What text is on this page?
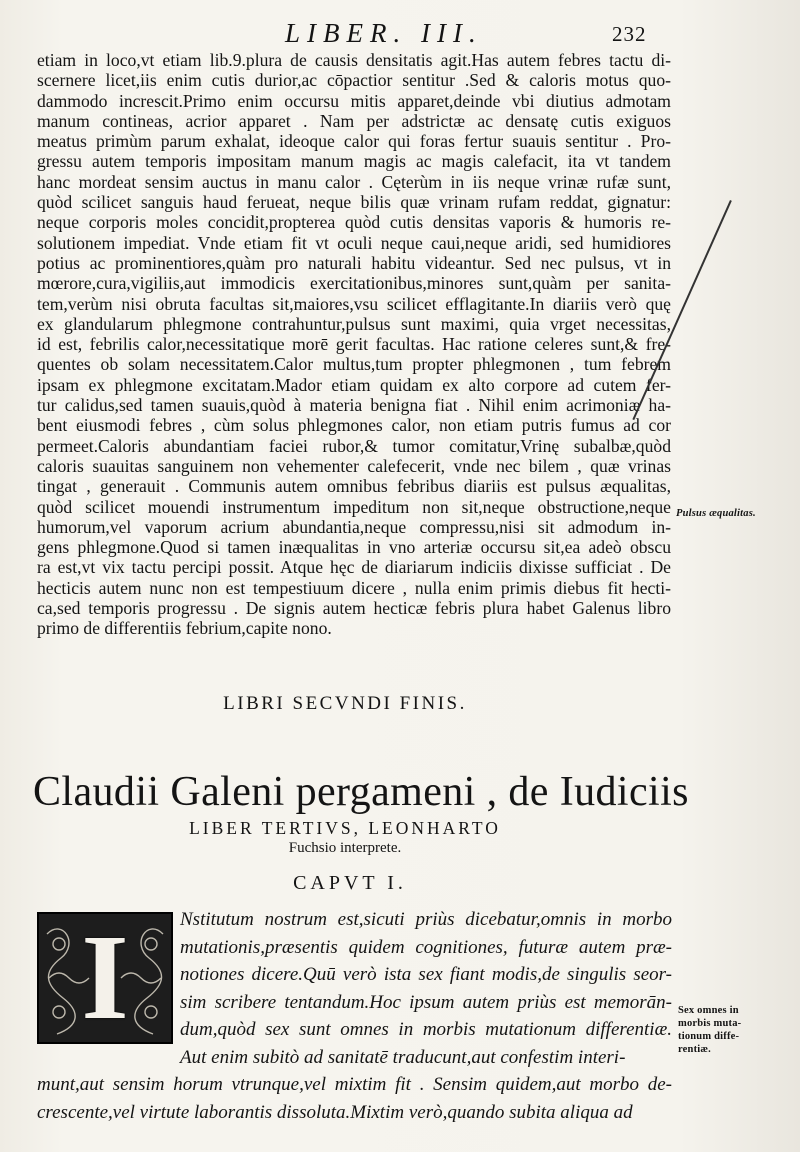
LIBER. III.	232
etiam in loco,vt etiam lib.9.plura de causis densitatis agit.Has autem febres tactu di-
scernere licet,iis enim cutis durior,ac cōpactior sentitur .Sed & caloris motus quo-
dammodo increscit.Primo enim occursu mitis apparet,deinde vbi diutius admotam
manum contineas, acrior apparet . Nam per adstrictæ ac densatę cutis exiguos
meatus primùm parum exhalat, ideoque calor qui foras fertur suauis sentitur . Pro-
gressu autem temporis impositam manum magis ac magis calefacit, ita vt tandem
hanc mordeat sensim auctus in manu calor . Cęterùm in iis neque vrinæ rufæ sunt,
quòd scilicet sanguis haud ferueat, neque bilis quæ vrinam rufam reddat, gignatur:
neque corporis moles concidit,propterea quòd cutis densitas vaporis & humoris re-
solutionem impediat. Vnde etiam fit vt oculi neque caui,neque aridi, sed humidiores
potius ac prominentiores,quàm pro naturali habitu videantur. Sed nec pulsus, vt in
mœrore,cura,vigiliis,aut immodicis exercitationibus,minores sunt,quàm per sanita-
tem,verùm nisi obruta facultas sit,maiores,vsu scilicet efflagitante.In diariis verò quę
ex glandularum phlegmone contrahuntur,pulsus sunt maximi, quia vrget necessitas,
id est, febrilis calor,necessitatique morē gerit facultas. Hac ratione celeres sunt,& fre-
quentes ob solam necessitatem.Calor multus,tum propter phlegmonen , tum febrem
ipsam ex phlegmone excitatam.Mador etiam quidam ex alto corpore ad cutem fer-
tur calidus,sed tamen suauis,quòd à materia benigna fiat . Nihil enim acrimoniæ ha-
bent eiusmodi febres , cùm solus phlegmones calor, non etiam putris fumus ad cor
permeet.Caloris abundantiam faciei rubor,& tumor comitatur,Vrinę subalbæ,quòd
caloris suauitas sanguinem non vehementer calefecerit, vnde nec bilem , quæ vrinas
tingat , generauit . Communis autem omnibus febribus diariis est pulsus æqualitas,
quòd scilicet mouendi instrumentum impeditum non sit,neque obstructione,neque
humorum,vel vaporum acrium abundantia,neque compressu,nisi sit admodum in-
gens phlegmone.Quod si tamen inæqualitas in vno arteriæ occursu sit,ea adeò obscu
ra est,vt vix tactu percipi possit. Atque hęc de diariarum indiciis dixisse sufficiat . De
hecticis autem nunc non est tempestiuum dicere , nulla enim primis diebus fit hecti-
ca,sed temporis progressu . De signis autem hecticæ febris plura habet Galenus libro
primo de differentiis febrium,capite nono.
Pulsus æqualitas.
LIBRI SECVNDI FINIS.
Claudii Galeni pergameni , de Iudiciis
LIBER TERTIVS, LEONHARTO
Fuchsio interprete.
CAPVT I.
I	Nstitutum nostrum est,sicuti priùs dicebatur,omnis in morbo
mutationis,præsentis quidem cognitiones, futuræ autem præ-
notiones dicere.Quū verò ista sex fiant modis,de singulis seor-
sim scribere tentandum.Hoc ipsum autem priùs est memorān-
dum,quòd sex sunt omnes in morbis mutationum differentiæ.
Aut enim subitò ad sanitatē traducunt,aut confestim interi-
munt,aut sensim horum vtrunque,vel mixtim fit . Sensim quidem,aut morbo de-
crescente,vel virtute laborantis dissoluta.Mixtim verò,quando subita aliqua ad
Sex omnes in
morbis muta-
tionum diffe-
rentiæ.
